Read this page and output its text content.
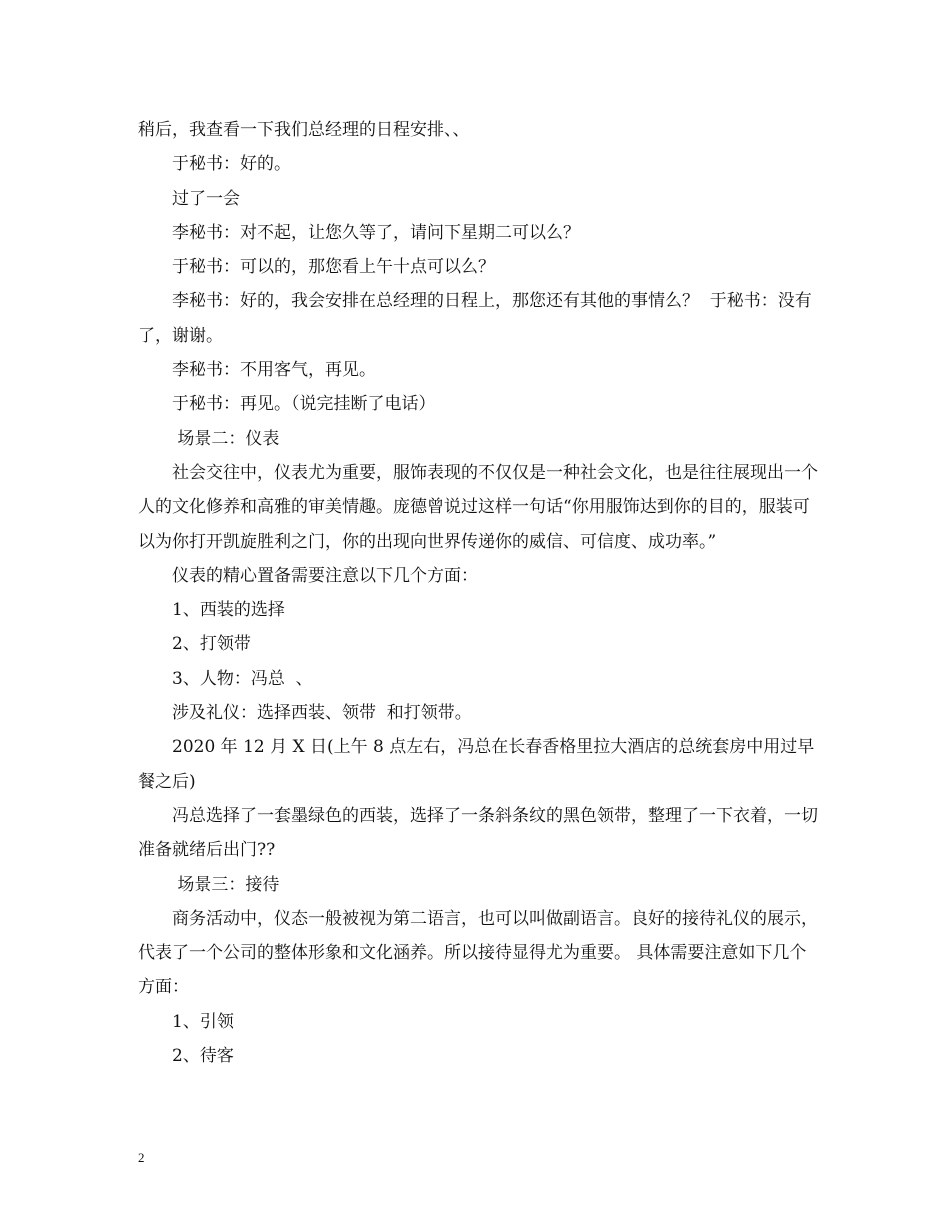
稍后，我查看一下我们总经理的日程安排、、

于秘书：好的。

过了一会

李秘书：对不起，让您久等了，请问下星期二可以么？

于秘书：可以的，那您看上午十点可以么？

李秘书：好的，我会安排在总经理的日程上，那您还有其他的事情么？  于秘书：没有了，谢谢。

李秘书：不用客气，再见。

于秘书：再见。（说完挂断了电话）

场景二：仪表

社会交往中，仪表尤为重要，服饰表现的不仅仅是一种社会文化，也是往往展现出一个人的文化修养和高雅的审美情趣。庞德曾说过这样一句话“你用服饰达到你的目的，服装可以为你打开凯旋胜利之门，你的出现向世界传递你的威信、可信度、成功率。”

仪表的精心置备需要注意以下几个方面：

1、西装的选择

2、打领带

3、人物：冯总  、

涉及礼仪：选择西装、领带  和打领带。

2020 年 12 月 X 日(上午 8 点左右，冯总在长春香格里拉大酒店的总统套房中用过早餐之后)

冯总选择了一套墨绿色的西装，选择了一条斜条纹的黑色领带，整理了一下衣着，一切准备就绪后出门??

场景三：接待

商务活动中，仪态一般被视为第二语言，也可以叫做副语言。良好的接待礼仪的展示，代表了一个公司的整体形象和文化涵养。所以接待显得尤为重要。 具体需要注意如下几个方面：

1、引领

2、待客

2
